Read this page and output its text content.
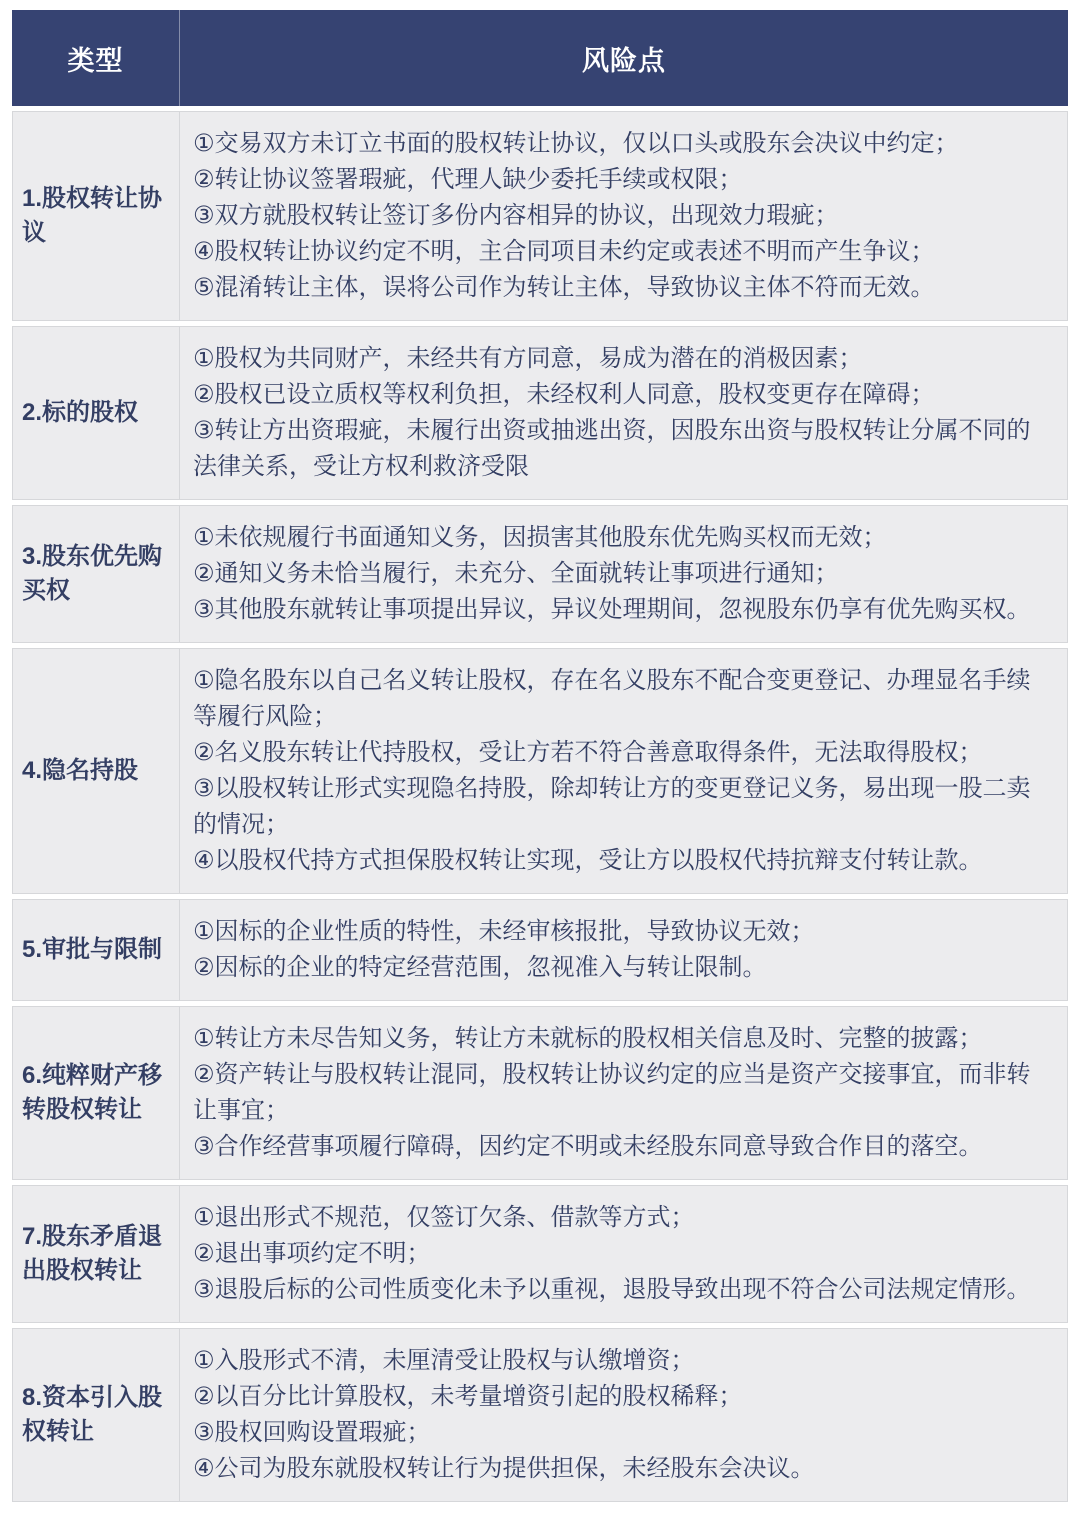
类型	风险点
1.股权转让协议
①交易双方未订立书面的股权转让协议，仅以口头或股东会决议中约定；
②转让协议签署瑕疵，代理人缺少委托手续或权限；
③双方就股权转让签订多份内容相异的协议，出现效力瑕疵；
④股权转让协议约定不明，主合同项目未约定或表述不明而产生争议；
⑤混淆转让主体，误将公司作为转让主体，导致协议主体不符而无效。
2.标的股权
①股权为共同财产，未经共有方同意，易成为潜在的消极因素；
②股权已设立质权等权利负担，未经权利人同意，股权变更存在障碍；
③转让方出资瑕疵，未履行出资或抽逃出资，因股东出资与股权转让分属不同的法律关系，受让方权利救济受限
3.股东优先购买权
①未依规履行书面通知义务，因损害其他股东优先购买权而无效；
②通知义务未恰当履行，未充分、全面就转让事项进行通知；
③其他股东就转让事项提出异议，异议处理期间，忽视股东仍享有优先购买权。
4.隐名持股
①隐名股东以自己名义转让股权，存在名义股东不配合变更登记、办理显名手续等履行风险；
②名义股东转让代持股权，受让方若不符合善意取得条件，无法取得股权；
③以股权转让形式实现隐名持股，除却转让方的变更登记义务，易出现一股二卖的情况；
④以股权代持方式担保股权转让实现，受让方以股权代持抗辩支付转让款。
5.审批与限制
①因标的企业性质的特性，未经审核报批，导致协议无效；
②因标的企业的特定经营范围，忽视准入与转让限制。
6.纯粹财产移转股权转让
①转让方未尽告知义务，转让方未就标的股权相关信息及时、完整的披露；
②资产转让与股权转让混同，股权转让协议约定的应当是资产交接事宜，而非转让事宜；
③合作经营事项履行障碍，因约定不明或未经股东同意导致合作目的落空。
7.股东矛盾退出股权转让
①退出形式不规范，仅签订欠条、借款等方式；
②退出事项约定不明；
③退股后标的公司性质变化未予以重视，退股导致出现不符合公司法规定情形。
8.资本引入股权转让
①入股形式不清，未厘清受让股权与认缴增资；
②以百分比计算股权，未考量增资引起的股权稀释；
③股权回购设置瑕疵；
④公司为股东就股权转让行为提供担保，未经股东会决议。
